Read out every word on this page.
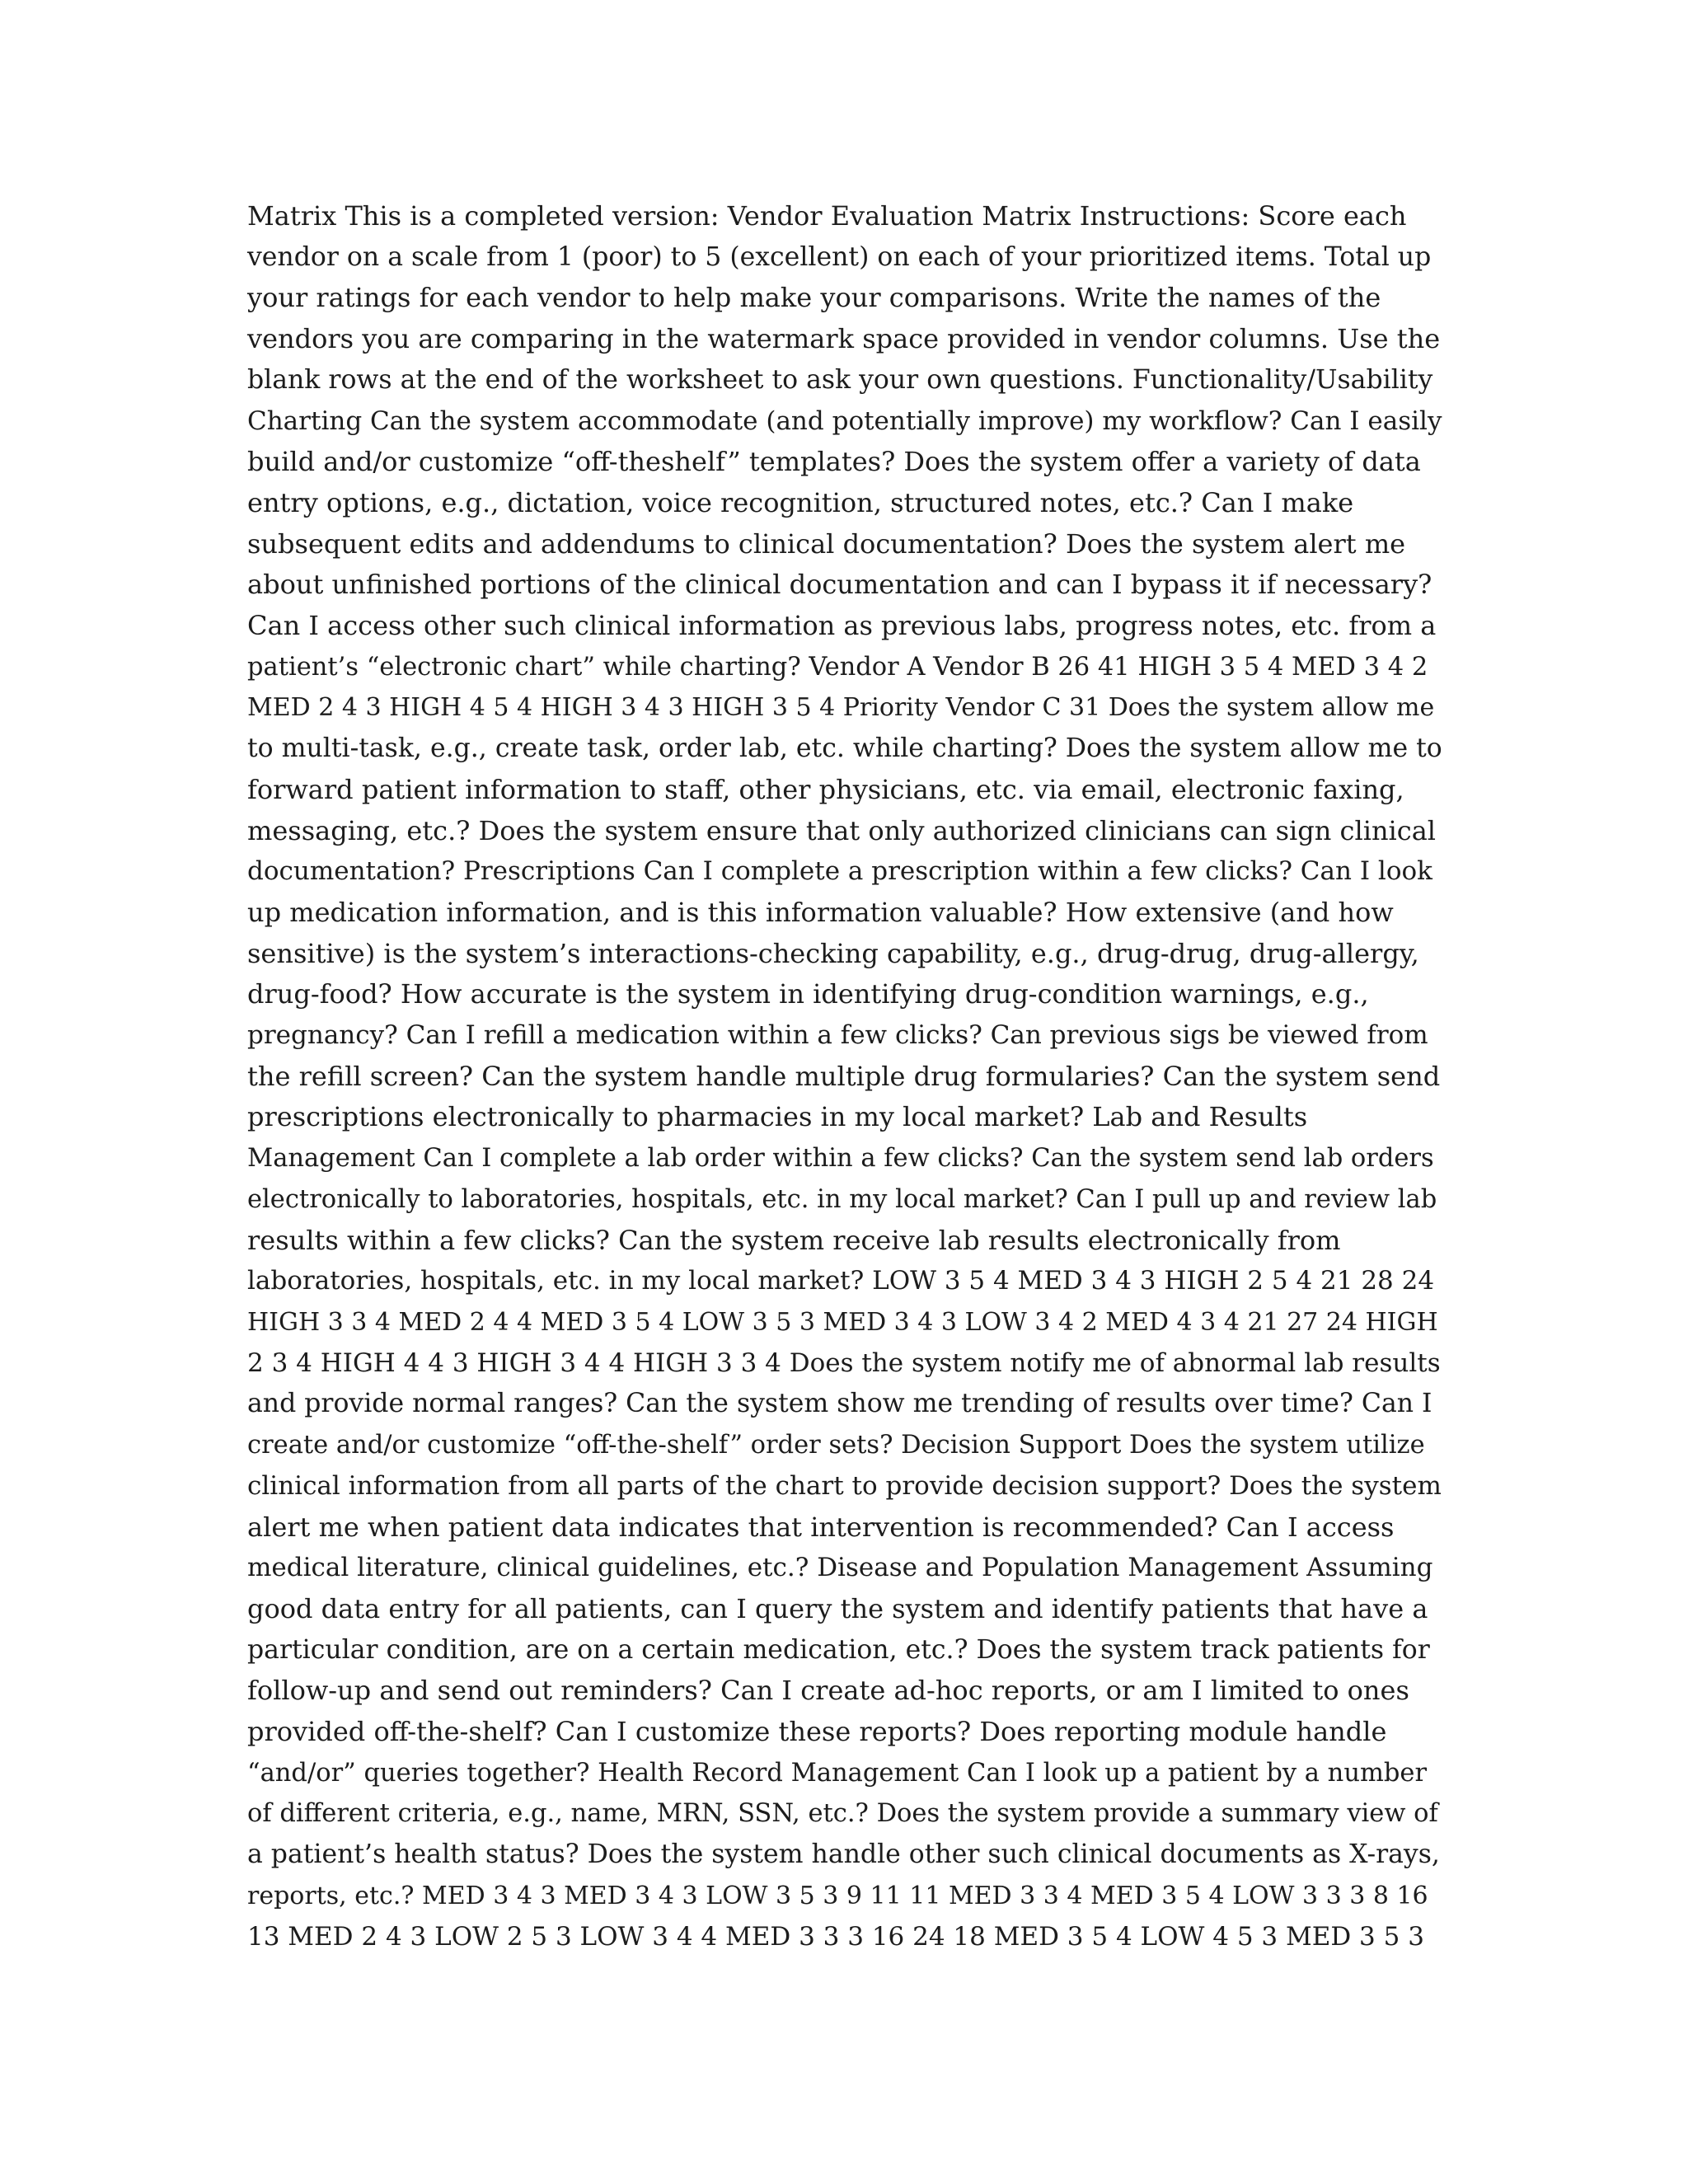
Matrix This is a completed version: Vendor Evaluation Matrix Instructions: Score each
vendor on a scale from 1 (poor) to 5 (excellent) on each of your prioritized items. Total up
your ratings for each vendor to help make your comparisons. Write the names of the
vendors you are comparing in the watermark space provided in vendor columns. Use the
blank rows at the end of the worksheet to ask your own questions. Functionality/Usability
Charting Can the system accommodate (and potentially improve) my workflow? Can I easily
build and/or customize “off-theshelf” templates? Does the system offer a variety of data
entry options, e.g., dictation, voice recognition, structured notes, etc.? Can I make
subsequent edits and addendums to clinical documentation? Does the system alert me
about unfinished portions of the clinical documentation and can I bypass it if necessary?
Can I access other such clinical information as previous labs, progress notes, etc. from a
patient’s “electronic chart” while charting? Vendor A Vendor B 26 41 HIGH 3 5 4 MED 3 4 2
MED 2 4 3 HIGH 4 5 4 HIGH 3 4 3 HIGH 3 5 4 Priority Vendor C 31 Does the system allow me
to multi-task, e.g., create task, order lab, etc. while charting? Does the system allow me to
forward patient information to staff, other physicians, etc. via email, electronic faxing,
messaging, etc.? Does the system ensure that only authorized clinicians can sign clinical
documentation? Prescriptions Can I complete a prescription within a few clicks? Can I look
up medication information, and is this information valuable? How extensive (and how
sensitive) is the system’s interactions-checking capability, e.g., drug-drug, drug-allergy,
drug-food? How accurate is the system in identifying drug-condition warnings, e.g.,
pregnancy? Can I refill a medication within a few clicks? Can previous sigs be viewed from
the refill screen? Can the system handle multiple drug formularies? Can the system send
prescriptions electronically to pharmacies in my local market? Lab and Results
Management Can I complete a lab order within a few clicks? Can the system send lab orders
electronically to laboratories, hospitals, etc. in my local market? Can I pull up and review lab
results within a few clicks? Can the system receive lab results electronically from
laboratories, hospitals, etc. in my local market? LOW 3 5 4 MED 3 4 3 HIGH 2 5 4 21 28 24
HIGH 3 3 4 MED 2 4 4 MED 3 5 4 LOW 3 5 3 MED 3 4 3 LOW 3 4 2 MED 4 3 4 21 27 24 HIGH
2 3 4 HIGH 4 4 3 HIGH 3 4 4 HIGH 3 3 4 Does the system notify me of abnormal lab results
and provide normal ranges? Can the system show me trending of results over time? Can I
create and/or customize “off-the-shelf” order sets? Decision Support Does the system utilize
clinical information from all parts of the chart to provide decision support? Does the system
alert me when patient data indicates that intervention is recommended? Can I access
medical literature, clinical guidelines, etc.? Disease and Population Management Assuming
good data entry for all patients, can I query the system and identify patients that have a
particular condition, are on a certain medication, etc.? Does the system track patients for
follow-up and send out reminders? Can I create ad-hoc reports, or am I limited to ones
provided off-the-shelf? Can I customize these reports? Does reporting module handle
“and/or” queries together? Health Record Management Can I look up a patient by a number
of different criteria, e.g., name, MRN, SSN, etc.? Does the system provide a summary view of
a patient’s health status? Does the system handle other such clinical documents as X-rays,
reports, etc.? MED 3 4 3 MED 3 4 3 LOW 3 5 3 9 11 11 MED 3 3 4 MED 3 5 4 LOW 3 3 3 8 16
13 MED 2 4 3 LOW 2 5 3 LOW 3 4 4 MED 3 3 3 16 24 18 MED 3 5 4 LOW 4 5 3 MED 3 5 3
